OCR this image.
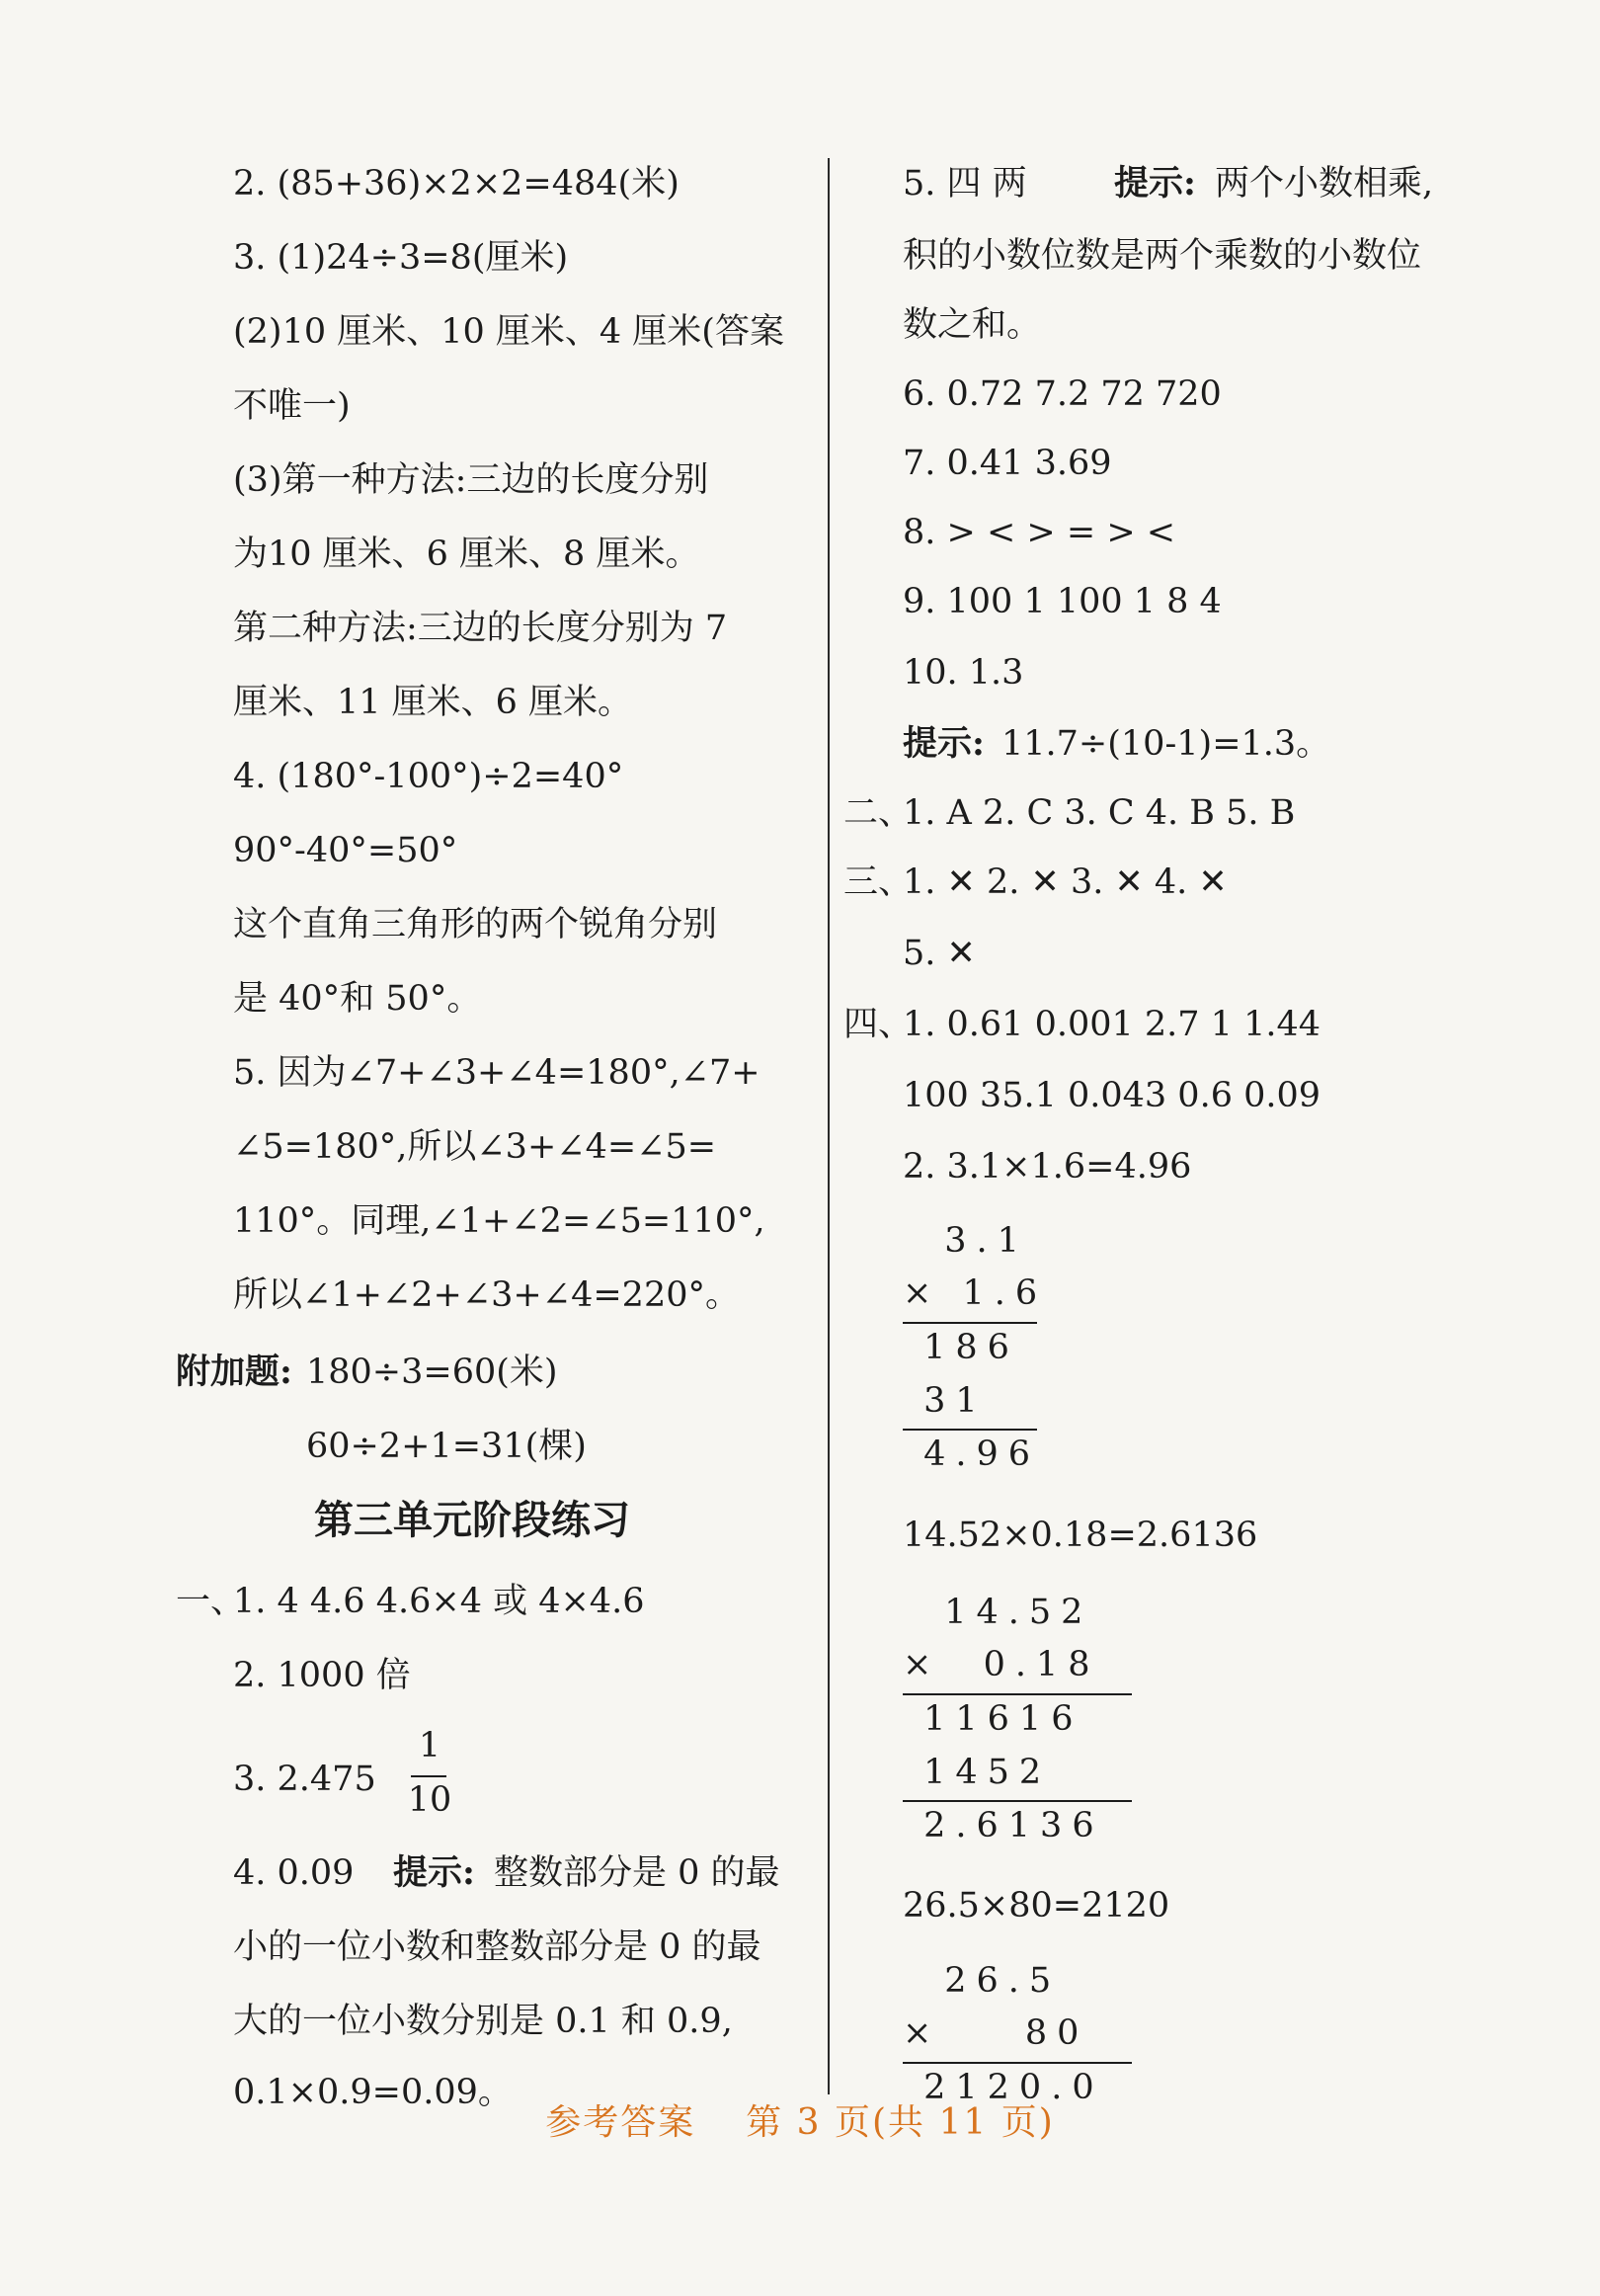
2. (85+36)×2×2=484(米)
3. (1)24÷3=8(厘米)
(2)10 厘米、10 厘米、4 厘米(答案
不唯一)
(3)第一种方法:三边的长度分别
为10 厘米、6 厘米、8 厘米。
第二种方法:三边的长度分别为 7
厘米、11 厘米、6 厘米。
4. (180°-100°)÷2=40°
90°-40°=50°
这个直角三角形的两个锐角分别
是 40°和 50°。
5. 因为∠7+∠3+∠4=180°,∠7+
∠5=180°,所以∠3+∠4=∠5=
110°。同理,∠1+∠2=∠5=110°,
所以∠1+∠2+∠3+∠4=220°。
附加题: 180÷3=60(米)
60÷2+1=31(棵)
第三单元阶段练习
一、
1. 4 4.6 4.6×4 或 4×4.6
2. 1000 倍
3. 2.475
1
10
4. 0.09 提示: 整数部分是 0 的最
小的一位小数和整数部分是 0 的最
大的一位小数分别是 0.1 和 0.9,
0.1×0.9=0.09。
5. 四 两	提示: 两个小数相乘,
积的小数位数是两个乘数的小数位
数之和。
6. 0.72 7.2 72 720
7. 0.41 3.69
8. > < > = > <
9. 100 1 100 1 8 4
10. 1.3
提示: 11.7÷(10-1)=1.3。
二、
1. A 2. C 3. C 4. B 5. B
三、
1. ✕ 2. ✕ 3. ✕ 4. ✕
5. ✕
四、
1. 0.61 0.001 2.7 1 1.44
100 35.1 0.043 0.6 0.09
2. 3.1×1.6=4.96
3.1
× 1.6
186
31
4.96
14.52×0.18=2.6136
14.52
×  0.18
11616
1452
2.6136
26.5×80=2120
26.5
×    80
2120.0
参考答案 第 3 页(共 11 页)
